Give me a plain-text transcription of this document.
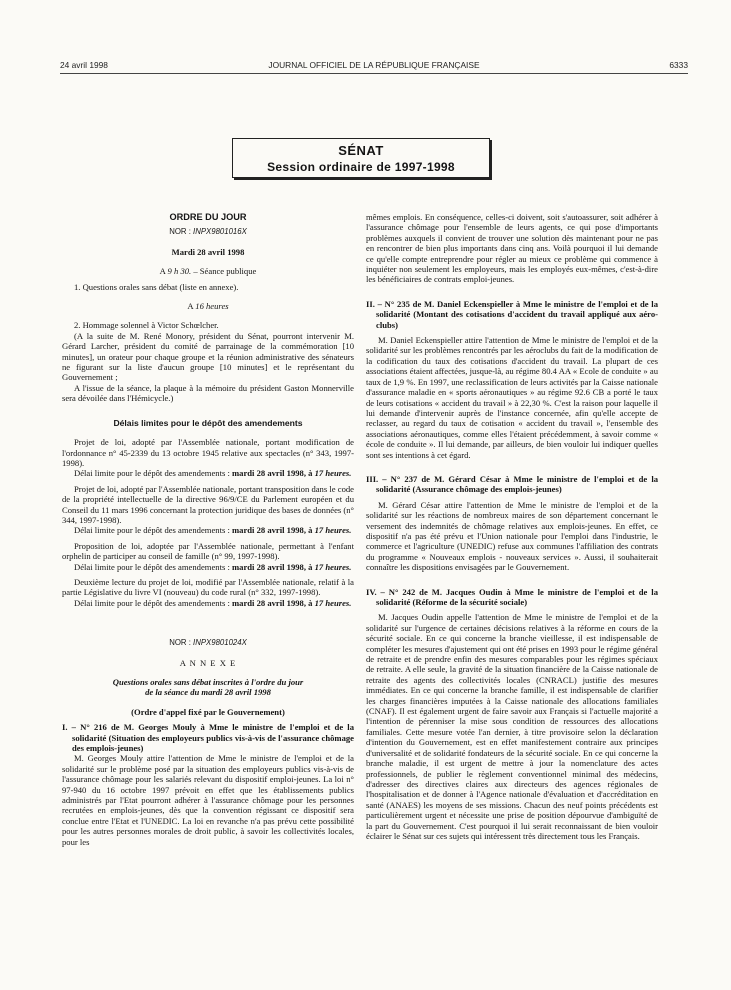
24 avril 1998	JOURNAL OFFICIEL DE LA RÉPUBLIQUE FRANÇAISE	6333
SÉNAT
Session ordinaire de 1997-1998
ORDRE DU JOUR
NOR : INPX9801016X
Mardi 28 avril 1998
A 9 h 30. – Séance publique

1. Questions orales sans débat (liste en annexe).

A 16 heures

2. Hommage solennel à Victor Schœlcher.

(A la suite de M. René Monory, président du Sénat, pourront intervenir M. Gérard Larcher, président du comité de parrainage de la commémoration [10 minutes], un orateur pour chaque groupe et la réunion administrative des sénateurs ne figurant sur la liste d'aucun groupe [10 minutes] et le représentant du Gouvernement ;

A l'issue de la séance, la plaque à la mémoire du président Gaston Monnerville sera dévoilée dans l'Hémicycle.)

Délais limites pour le dépôt des amendements

Projet de loi, adopté par l'Assemblée nationale, portant modification de l'ordonnance n° 45-2339 du 13 octobre 1945 relative aux spectacles (n° 343, 1997-1998).

Délai limite pour le dépôt des amendements : mardi 28 avril 1998, à 17 heures.

Projet de loi, adopté par l'Assemblée nationale, portant transposition dans le code de la propriété intellectuelle de la directive 96/9/CE du Parlement européen et du Conseil du 11 mars 1996 concernant la protection juridique des bases de données (n° 344, 1997-1998).

Délai limite pour le dépôt des amendements : mardi 28 avril 1998, à 17 heures.

Proposition de loi, adoptée par l'Assemblée nationale, permettant à l'enfant orphelin de participer au conseil de famille (n° 99, 1997-1998).

Délai limite pour le dépôt des amendements : mardi 28 avril 1998, à 17 heures.

Deuxième lecture du projet de loi, modifié par l'Assemblée nationale, relatif à la partie Législative du livre VI (nouveau) du code rural (n° 332, 1997-1998).

Délai limite pour le dépôt des amendements : mardi 28 avril 1998, à 17 heures.

NOR : INPX9801024X
A N N E X E
Questions orales sans débat inscrites à l'ordre du jour
de la séance du mardi 28 avril 1998
(Ordre d'appel fixé par le Gouvernement)

I. – N° 216 de M. Georges Mouly à Mme le ministre de l'emploi et de la solidarité (Situation des employeurs publics vis-à-vis de l'assurance chômage des emplois-jeunes)

M. Georges Mouly attire l'attention de Mme le ministre de l'emploi et de la solidarité sur le problème posé par la situation des employeurs publics vis-à-vis de l'assurance chômage pour les salariés relevant du dispositif emploi-jeunes. La loi n° 97-940 du 16 octobre 1997 prévoit en effet que les établissements publics administrés par l'Etat pourront adhérer à l'assurance chômage pour les personnes recrutées en emplois-jeunes, dès que la convention régissant ce dispositif sera conclue entre l'Etat et l'UNEDIC. La loi en revanche n'a pas prévu cette possibilité pour les autres personnes morales de droit public, à savoir les collectivités locales, pour les

mêmes emplois. En conséquence, celles-ci doivent, soit s'autoassurer, soit adhérer à l'assurance chômage pour l'ensemble de leurs agents, ce qui pose d'importants problèmes auxquels il convient de trouver une solution dès maintenant pour ne pas en rencontrer de bien plus importants dans cinq ans. Voilà pourquoi il lui demande ce qu'elle compte entreprendre pour régler au mieux ce problème qui commence à inquiéter non seulement les employeurs, mais les employés eux-mêmes, c'est-à-dire les bénéficiaires de contrats emploi-jeunes.

II. – N° 235 de M. Daniel Eckenspieller à Mme le ministre de l'emploi et de la solidarité (Montant des cotisations d'accident du travail appliqué aux aéro-clubs)

M. Daniel Eckenspieller attire l'attention de Mme le ministre de l'emploi et de la solidarité sur les problèmes rencontrés par les aéroclubs du fait de la modification de la codification du taux des cotisations d'accident du travail. La plupart de ces associations étaient affectées, jusque-là, au régime 80.4 AA « Ecole de conduite » au taux de 1,9 %. En 1997, une reclassification de leurs activités par la Caisse nationale d'assurance maladie en « sports aéronautiques » au régime 92.6 CB a porté le taux de leurs cotisations « accident du travail » à 22,30 %. C'est la raison pour laquelle il lui demande d'intervenir auprès de l'instance concernée, afin qu'elle accepte de reclasser, au regard du taux de cotisation « accident du travail », l'ensemble des associations aéronautiques, comme elles l'étaient précédemment, à savoir comme « école de conduite ». Il lui demande, par ailleurs, de bien vouloir lui indiquer quelles sont ses intentions à cet égard.

III. – N° 237 de M. Gérard César à Mme le ministre de l'emploi et de la solidarité (Assurance chômage des emplois-jeunes)

M. Gérard César attire l'attention de Mme le ministre de l'emploi et de la solidarité sur les réactions de nombreux maires de son département concernant le versement des indemnités de chômage relatives aux emplois-jeunes. En effet, ce dispositif n'a pas été prévu et l'Union nationale pour l'emploi dans l'industrie, le commerce et l'agriculture (UNEDIC) refuse aux communes l'affiliation des contrats du programme « Nouveaux emplois - nouveaux services ». Aussi, il souhaiterait connaître les dispositions envisagées par le Gouvernement.

IV. – N° 242 de M. Jacques Oudin à Mme le ministre de l'emploi et de la solidarité (Réforme de la sécurité sociale)

M. Jacques Oudin appelle l'attention de Mme le ministre de l'emploi et de la solidarité sur l'urgence de certaines décisions relatives à la réforme en cours de la sécurité sociale. En ce qui concerne la branche vieillesse, il est indispensable de compléter les mesures d'ajustement qui ont été prises en 1993 pour le régime général de retraite et de prendre enfin des mesures comparables pour les régimes spéciaux de retraite. A elle seule, la gravité de la situation financière de la Caisse nationale de retraite des agents des collectivités locales (CNRACL) justifie des mesures immédiates. En ce qui concerne la branche famille, il est indispensable de clarifier les charges financières imputées à la Caisse nationale des allocations familiales (CNAF). Il est également urgent de faire savoir aux Français si l'actuelle majorité a l'intention de pérenniser la mise sous condition de ressources des allocations familiales. Cette mesure votée l'an dernier, à titre provisoire selon la déclaration d'intention du Gouvernement, est en effet manifestement contraire aux principes d'universalité et de solidarité fondateurs de la sécurité sociale. En ce qui concerne la branche maladie, il est urgent de mettre à jour la nomenclature des actes professionnels, de publier le règlement conventionnel minimal des médecins, d'adresser des directives claires aux directeurs des agences régionales de l'hospitalisation et de donner à l'Agence nationale d'évaluation et d'accréditation en santé (ANAES) les moyens de ses missions. Chacun des neuf points précédents est particulièrement urgent et nécessite une prise de position dépourvue d'ambiguïté de la part du Gouvernement. C'est pourquoi il lui serait reconnaissant de bien vouloir éclairer le Sénat sur ces sujets qui intéressent très directement tous les Français.
